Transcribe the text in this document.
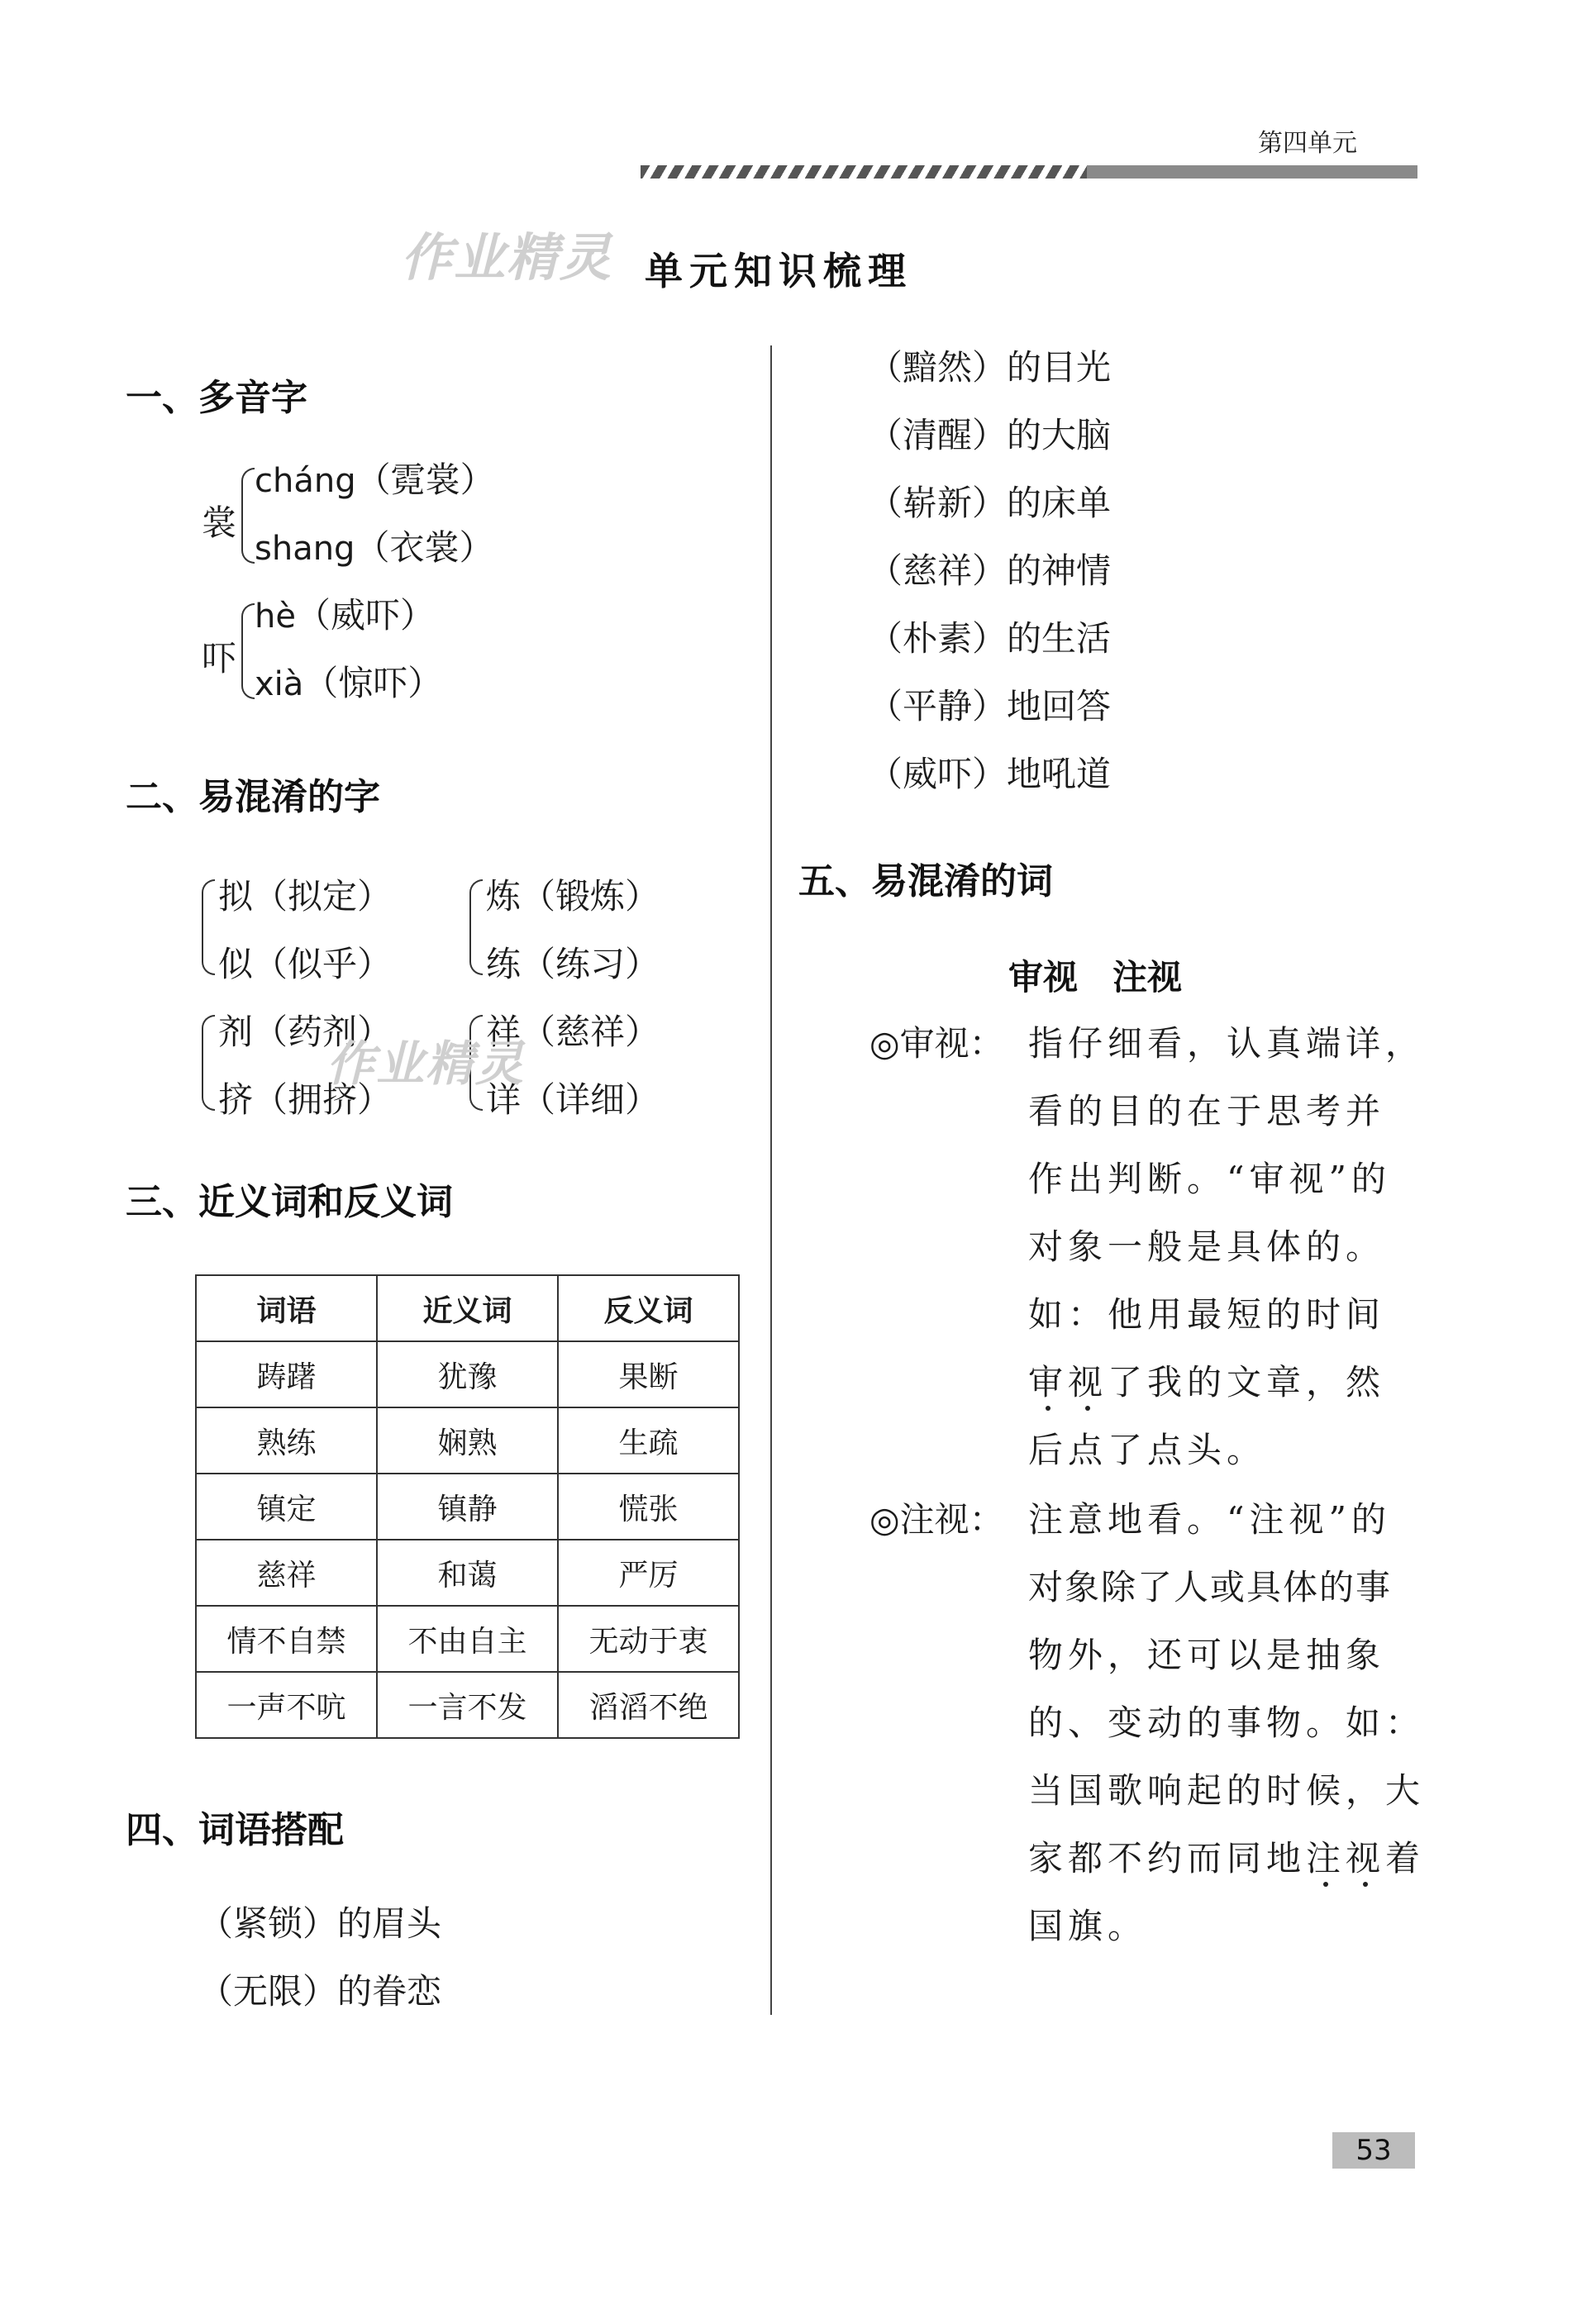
第四单元
作业精灵 单元知识梳理
一、多音字
裳
cháng（霓裳）
shang（衣裳）
吓
hè（威吓）
xià（惊吓）
二、易混淆的字
拟（拟定）
似（似乎）
炼（锻炼）
练（练习）
剂（药剂）
挤（拥挤）
祥（慈祥）
详（详细）
作业精灵
三、近义词和反义词
词语	近义词	反义词
踌躇	犹豫	果断
熟练	娴熟	生疏
镇定	镇静	慌张
慈祥	和蔼	严厉
情不自禁	不由自主	无动于衷
一声不吭	一言不发	滔滔不绝
四、词语搭配
（紧锁）的眉头
（无限）的眷恋
（黯然）的目光
（清醒）的大脑
（崭新）的床单
（慈祥）的神情
（朴素）的生活
（平静）地回答
（威吓）地吼道
五、易混淆的词
审视　注视
◎审视： 指仔细看，认真端详，
看的目的在于思考并
作出判断。“审视”的
对象一般是具体的。
如：他用最短的时间
审视了我的文章，然
后点了点头。
◎注视： 注意地看。“注视”的
对象除了人或具体的事
物外，还可以是抽象
的、变动的事物。如：
当国歌响起的时候，大
家都不约而同地注视着
国旗。
53
